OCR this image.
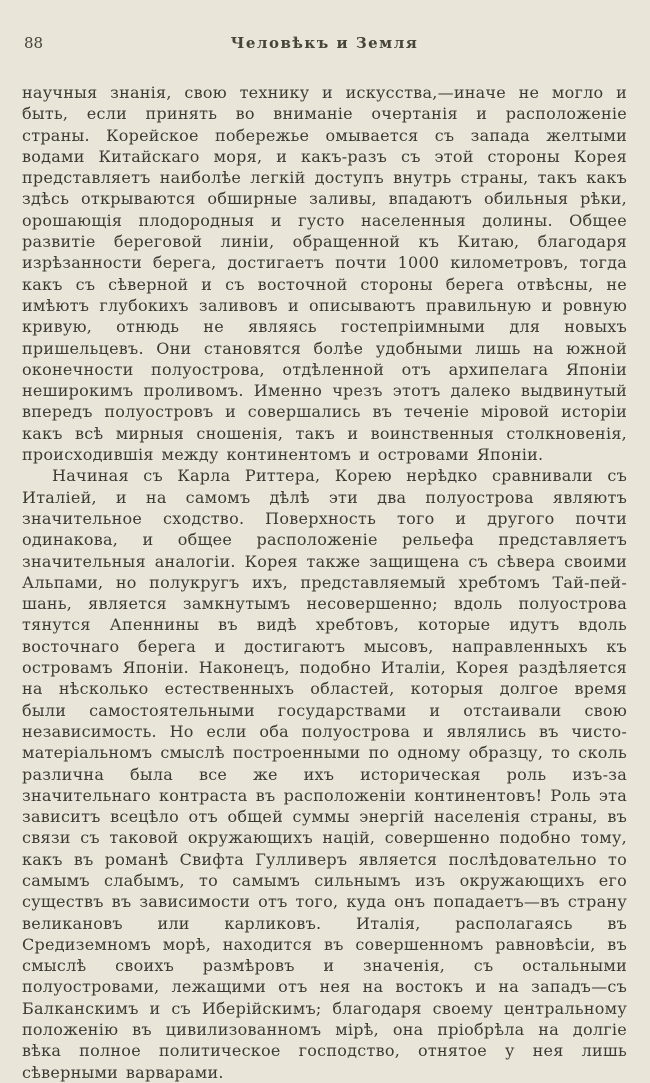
88	Человѣкъ и Земля

научныя знанія, свою технику и искусства,—иначе не могло и быть, если принять во вниманіе очертанія и расположеніе страны. Корейское побережье омывается съ запада желтыми водами Китайскаго моря, и какъ-разъ съ этой стороны Корея представляетъ наиболѣе легкій доступъ внутрь страны, такъ какъ здѣсь открываются обширные заливы, впадаютъ обильныя рѣки, орошающія плодородныя и густо населенныя долины. Общее развитіе береговой линіи, обращенной къ Китаю, благодаря изрѣзанности берега, достигаетъ почти 1000 километровъ, тогда какъ съ сѣверной и съ восточной стороны берега отвѣсны, не имѣютъ глубокихъ заливовъ и описываютъ правильную и ровную кривую, отнюдь не являясь гостепріимными для новыхъ пришельцевъ. Они становятся болѣе удобными лишь на южной оконечности полуострова, отдѣленной отъ архипелага Японіи неширокимъ проливомъ. Именно чрезъ этотъ далеко выдвинутый впередъ полуостровъ и совершались въ теченіе міровой исторіи какъ всѣ мирныя сношенія, такъ и воинственныя столкновенія, происходившія между континентомъ и островами Японіи.

Начиная съ Карла Риттера, Корею нерѣдко сравнивали съ Италіей, и на самомъ дѣлѣ эти два полуострова являютъ значительное сходство. Поверхность того и другого почти одинакова, и общее расположеніе рельефа представляетъ значительныя аналогіи. Корея также защищена съ сѣвера своими Альпами, но полукругъ ихъ, представляемый хребтомъ Тай-пей-шань, является замкнутымъ несовершенно; вдоль полуострова тянутся Апеннины въ видѣ хребтовъ, которые идутъ вдоль восточнаго берега и достигаютъ мысовъ, направленныхъ къ островамъ Японіи. Наконецъ, подобно Италіи, Корея раздѣляется на нѣсколько естественныхъ областей, которыя долгое время были самостоятельными государствами и отстаивали свою независимость. Но если оба полуострова и являлись въ чисто-матеріальномъ смыслѣ построенными по одному образцу, то сколь различна была все же ихъ историческая роль изъ-за значительнаго контраста въ расположеніи континентовъ! Роль эта зависитъ всецѣло отъ общей суммы энергій населенія страны, въ связи съ таковой окружающихъ націй, совершенно подобно тому, какъ въ романѣ Свифта Гулливеръ является послѣдовательно то самымъ слабымъ, то самымъ сильнымъ изъ окружающихъ его существъ въ зависимости отъ того, куда онъ попадаетъ—въ страну великановъ или карликовъ. Италія, располагаясь въ Средиземномъ морѣ, находится въ совершенномъ равновѣсіи, въ смыслѣ своихъ размѣровъ и значенія, съ остальными полуостровами, лежащими отъ нея на востокъ и на западъ—съ Балканскимъ и съ Иберійскимъ; благодаря своему центральному положенію въ цивилизованномъ мірѣ, она пріобрѣла на долгіе вѣка полное политическое господство, отнятое у нея лишь сѣверными варварами.
